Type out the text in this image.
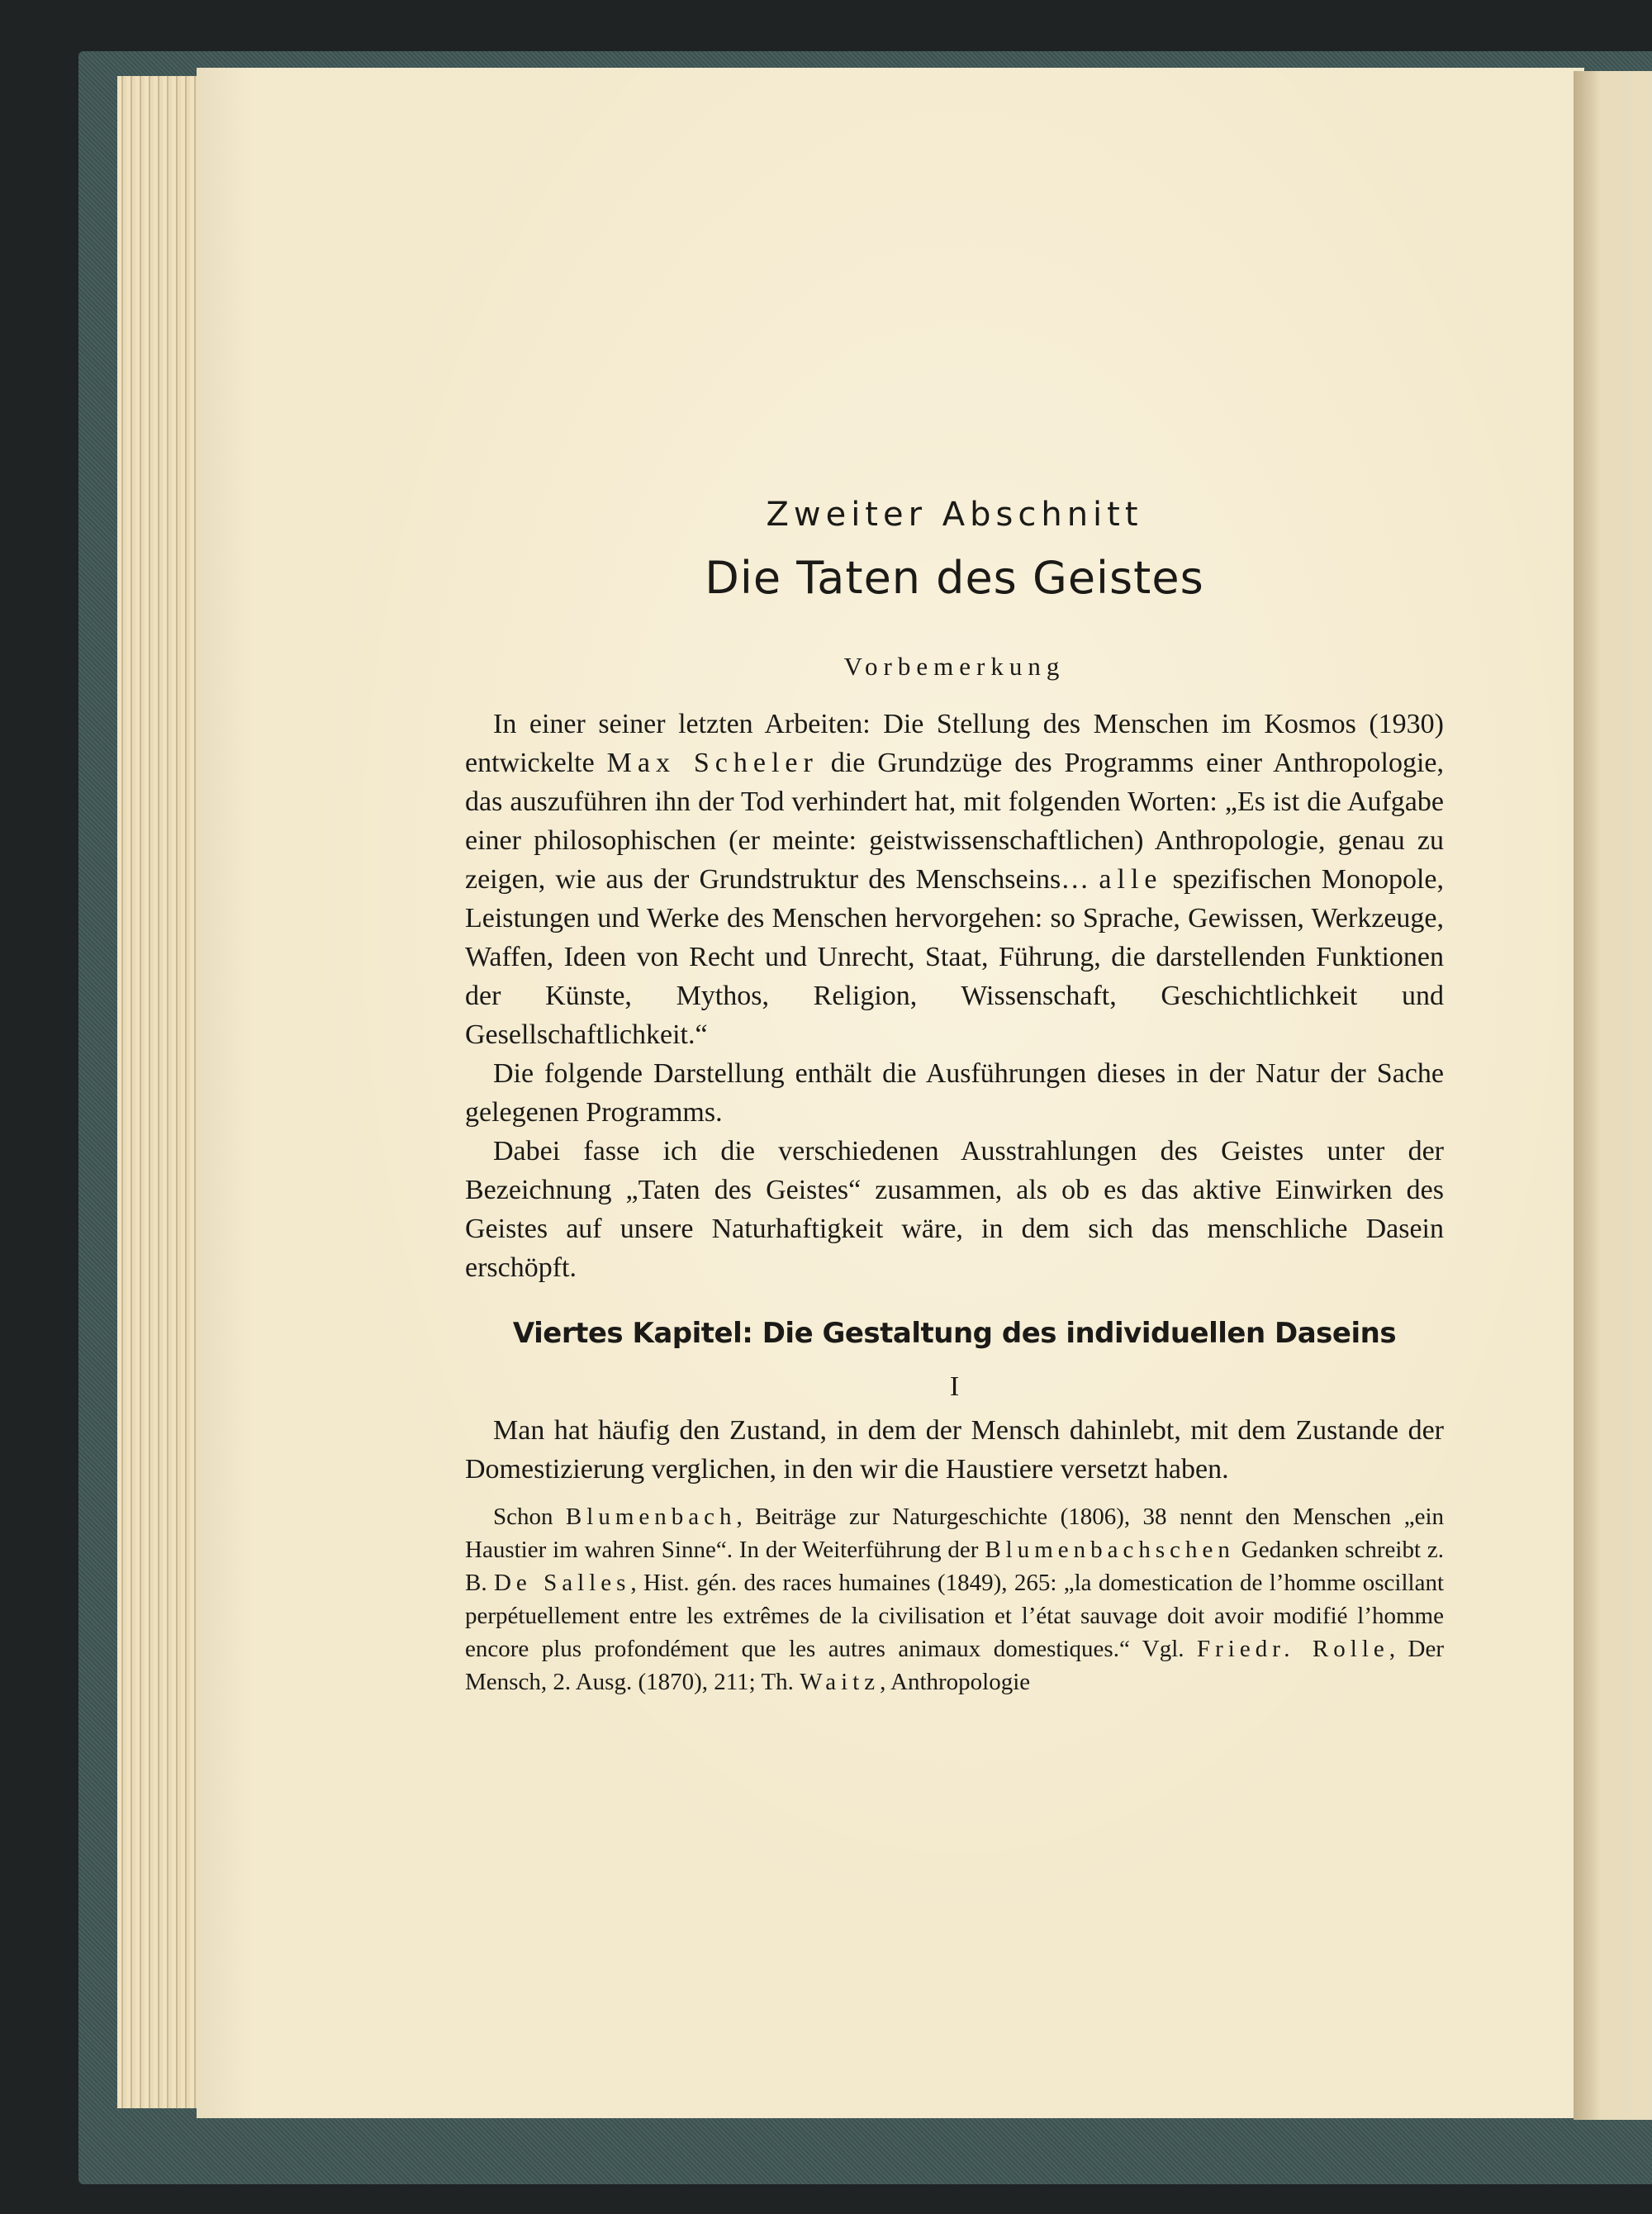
Zweiter Abschnitt
Die Taten des Geistes
Vorbemerkung

In einer seiner letzten Arbeiten: Die Stellung des Menschen im Kosmos (1930) entwickelte Max Scheler die Grundzüge des Programms einer Anthropologie, das auszuführen ihn der Tod verhindert hat, mit folgenden Worten: „Es ist die Aufgabe einer philosophischen (er meinte: geistwissenschaftlichen) Anthropologie, genau zu zeigen, wie aus der Grundstruktur des Menschseins… alle spezifischen Monopole, Leistungen und Werke des Menschen hervorgehen: so Sprache, Gewissen, Werkzeuge, Waffen, Ideen von Recht und Unrecht, Staat, Führung, die darstellenden Funktionen der Künste, Mythos, Religion, Wissenschaft, Geschichtlichkeit und Gesellschaftlichkeit.“

Die folgende Darstellung enthält die Ausführungen dieses in der Natur der Sache gelegenen Programms.

Dabei fasse ich die verschiedenen Ausstrahlungen des Geistes unter der Bezeichnung „Taten des Geistes“ zusammen, als ob es das aktive Einwirken des Geistes auf unsere Naturhaftigkeit wäre, in dem sich das menschliche Dasein erschöpft.

Viertes Kapitel: Die Gestaltung des individuellen Daseins
I

Man hat häufig den Zustand, in dem der Mensch dahinlebt, mit dem Zustande der Domestizierung verglichen, in den wir die Haustiere versetzt haben.

Schon Blumenbach, Beiträge zur Naturgeschichte (1806), 38 nennt den Menschen „ein Haustier im wahren Sinne“. In der Weiterführung der Blumenbachschen Gedanken schreibt z. B. De Salles, Hist. gén. des races humaines (1849), 265: „la domestication de l’homme oscillant perpétuellement entre les extrêmes de la civilisation et l’état sauvage doit avoir modifié l’homme encore plus profondément que les autres animaux domestiques.“ Vgl. Friedr. Rolle, Der Mensch, 2. Ausg. (1870), 211; Th. Waitz, Anthropologie
